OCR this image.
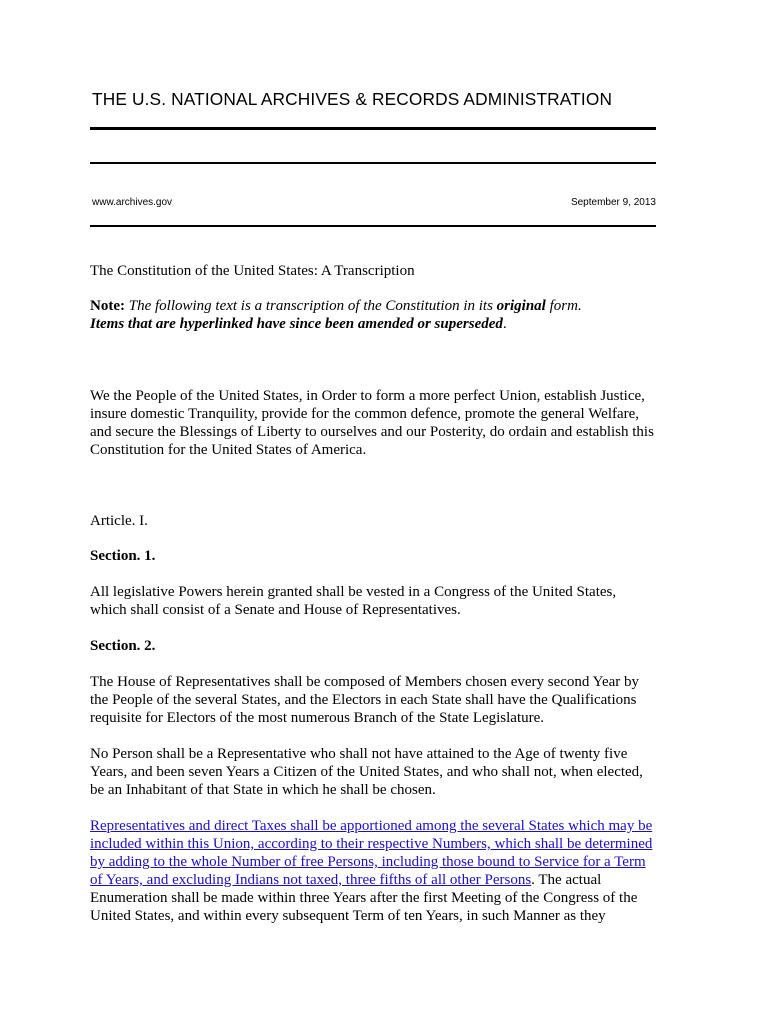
THE U.S. NATIONAL ARCHIVES & RECORDS ADMINISTRATION
www.archives.gov	September 9, 2013

The Constitution of the United States: A Transcription

Note: The following text is a transcription of the Constitution in its original form.
Items that are hyperlinked have since been amended or superseded.

We the People of the United States, in Order to form a more perfect Union, establish Justice, insure domestic Tranquility, provide for the common defence, promote the general Welfare, and secure the Blessings of Liberty to ourselves and our Posterity, do ordain and establish this Constitution for the United States of America.

Article. I.

Section. 1.

All legislative Powers herein granted shall be vested in a Congress of the United States, which shall consist of a Senate and House of Representatives.

Section. 2.

The House of Representatives shall be composed of Members chosen every second Year by the People of the several States, and the Electors in each State shall have the Qualifications requisite for Electors of the most numerous Branch of the State Legislature.

No Person shall be a Representative who shall not have attained to the Age of twenty five Years, and been seven Years a Citizen of the United States, and who shall not, when elected, be an Inhabitant of that State in which he shall be chosen.

Representatives and direct Taxes shall be apportioned among the several States which may be included within this Union, according to their respective Numbers, which shall be determined by adding to the whole Number of free Persons, including those bound to Service for a Term of Years, and excluding Indians not taxed, three fifths of all other Persons. The actual Enumeration shall be made within three Years after the first Meeting of the Congress of the United States, and within every subsequent Term of ten Years, in such Manner as they
